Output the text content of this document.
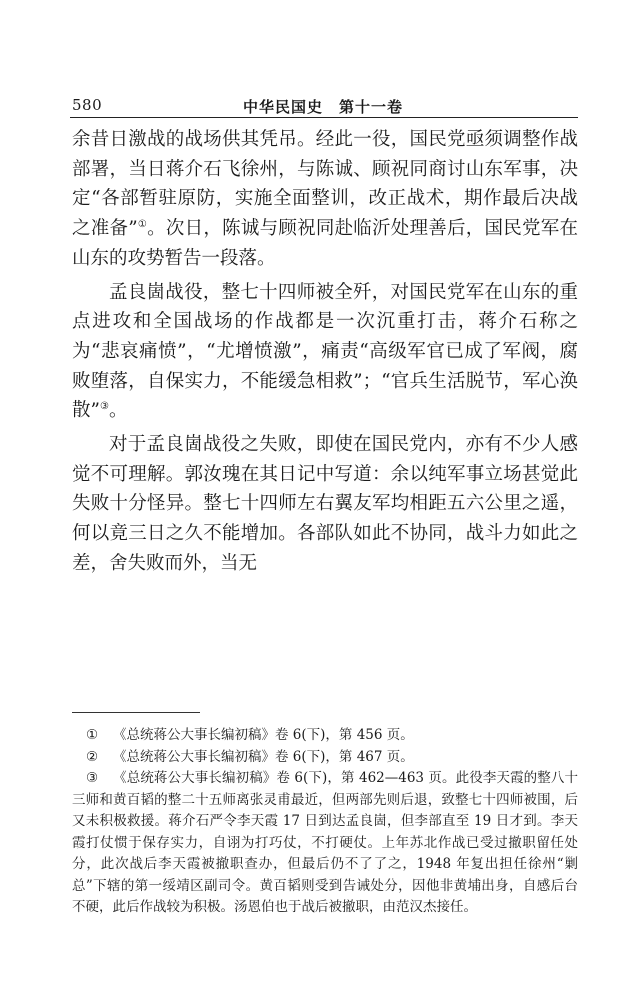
580	中华民国史　第十一卷

余昔日激战的战场供其凭吊。经此一役，国民党亟须调整作战部署，当日蒋介石飞徐州，与陈诚、顾祝同商讨山东军事，决定“各部暂驻原防，实施全面整训，改正战术，期作最后决战之准备”①。次日，陈诚与顾祝同赴临沂处理善后，国民党军在山东的攻势暂告一段落。

孟良崮战役，整七十四师被全歼，对国民党军在山东的重点进攻和全国战场的作战都是一次沉重打击，蒋介石称之为“悲哀痛愤”，“尤增愤激”，痛责“高级军官已成了军阀，腐败堕落，自保实力，不能缓急相救”；“官兵生活脱节，军心涣散”③。

对于孟良崮战役之失败，即使在国民党内，亦有不少人感觉不可理解。郭汝瑰在其日记中写道：余以纯军事立场甚觉此失败十分怪异。整七十四师左右翼友军均相距五六公里之遥，何以竟三日之久不能增加。各部队如此不协同，战斗力如此之差，舍失败而外，当无

① 《总统蒋公大事长编初稿》卷 6(下)，第 456 页。

② 《总统蒋公大事长编初稿》卷 6(下)，第 467 页。

③ 《总统蒋公大事长编初稿》卷 6(下)，第 462—463 页。此役李天霞的整八十三师和黄百韬的整二十五师离张灵甫最近，但两部先则后退，致整七十四师被围，后又未积极救援。蒋介石严令李天霞 17 日到达孟良崮，但李部直至 19 日才到。李天霞打仗惯于保存实力，自诩为打巧仗，不打硬仗。上年苏北作战已受过撤职留任处分，此次战后李天霞被撤职查办，但最后仍不了了之，1948 年复出担任徐州“剿总”下辖的第一绥靖区副司令。黄百韬则受到告诫处分，因他非黄埔出身，自感后台不硬，此后作战较为积极。汤恩伯也于战后被撤职，由范汉杰接任。
